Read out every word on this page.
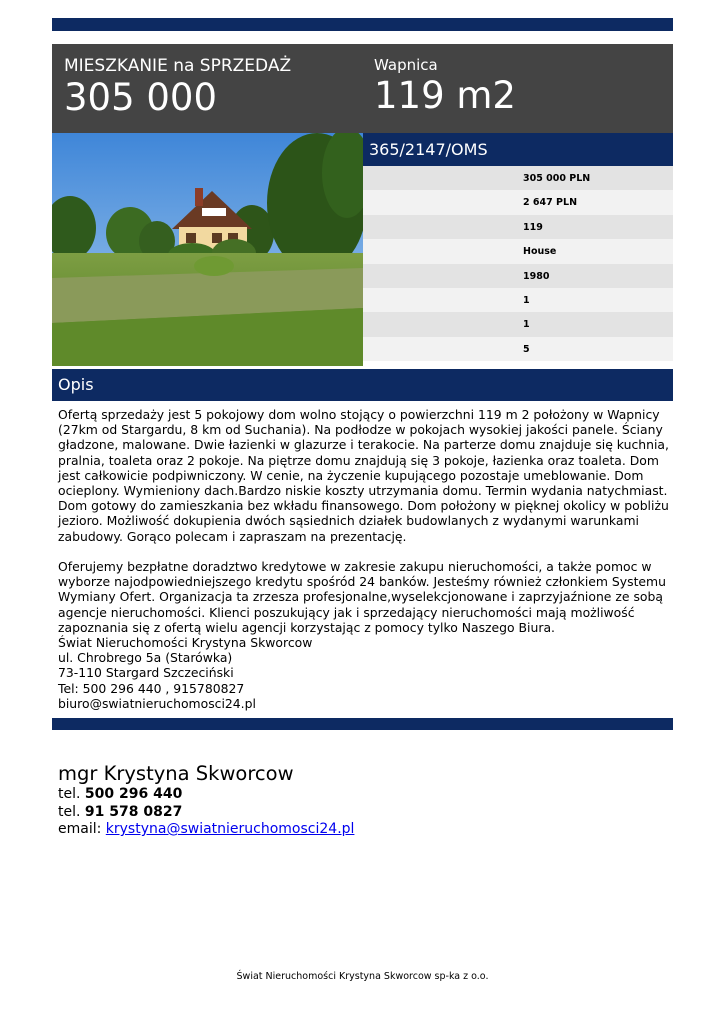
MIESZKANIE na SPRZEDAŻ
305 000
Wapnica
119 m2
365/2147/OMS
305 000 PLN
2 647 PLN
119
House
1980
1
1
5
Opis

Ofertą sprzedaży jest 5 pokojowy dom wolno stojący o powierzchni 119 m 2 położony w Wapnicy (27km od Stargardu, 8 km od Suchania). Na podłodze w pokojach wysokiej jakości panele. Ściany gładzone, malowane. Dwie łazienki w glazurze i terakocie. Na parterze domu znajduje się kuchnia, pralnia, toaleta oraz 2 pokoje. Na piętrze domu znajdują się 3 pokoje, łazienka oraz toaleta. Dom jest całkowicie podpiwniczony. W cenie, na życzenie kupującego pozostaje umeblowanie. Dom ocieplony. Wymieniony dach.Bardzo niskie koszty utrzymania domu. Termin wydania natychmiast. Dom gotowy do zamieszkania bez wkładu finansowego. Dom położony w pięknej okolicy w pobliżu jezioro. Możliwość dokupienia dwóch sąsiednich działek budowlanych z wydanymi warunkami zabudowy. Gorąco polecam i zapraszam na prezentację.

Oferujemy bezpłatne doradztwo kredytowe w zakresie zakupu nieruchomości, a także pomoc w wyborze najodpowiedniejszego kredytu spośród 24 banków. Jesteśmy również członkiem Systemu Wymiany Ofert. Organizacja ta zrzesza profesjonalne,wyselekcjonowane i zaprzyjaźnione ze sobą agencje nieruchomości. Klienci poszukujący jak i sprzedający nieruchomości mają możliwość zapoznania się z ofertą wielu agencji korzystając z pomocy tylko Naszego Biura.

Świat Nieruchomości Krystyna Skworcow

ul. Chrobrego 5a (Starówka)

73-110 Stargard Szczeciński

Tel: 500 296 440 , 915780827

biuro@swiatnieruchomosci24.pl

mgr Krystyna Skworcow
tel. 500 296 440
tel. 91 578 0827
email: krystyna@swiatnieruchomosci24.pl
Świat Nieruchomości Krystyna Skworcow sp-ka z o.o.
